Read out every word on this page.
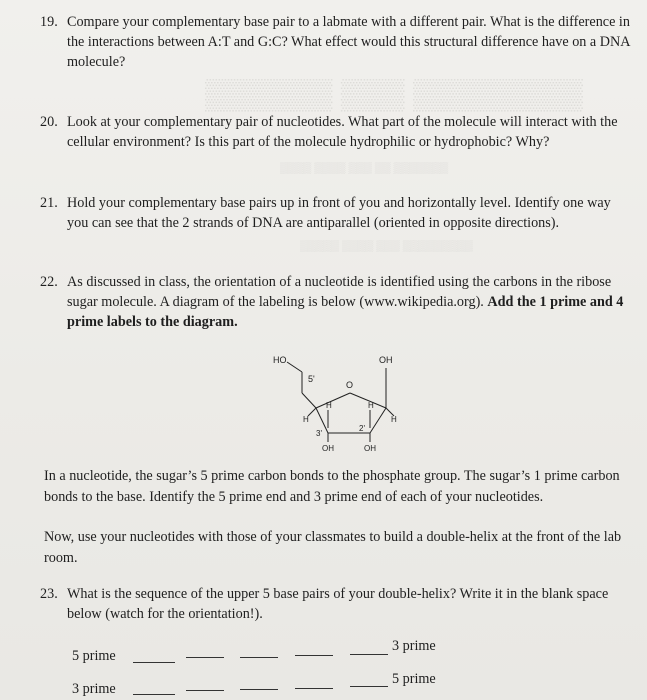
▒▒▒▒▒▒ ▒▒▒ ▒▒▒▒▒▒▒▒
▒▒▒▒ ▒▒▒▒ ▒▒▒ ▒▒ ▒▒▒▒▒▒▒
▒▒▒▒▒ ▒▒▒▒ ▒▒▒ ▒▒▒▒▒▒▒▒▒
19. Compare your complementary base pair to a labmate with a different pair. What is the difference in the interactions between A:T and G:C? What effect would this structural difference have on a DNA molecule?
20. Look at your complementary pair of nucleotides. What part of the molecule will interact with the cellular environment? Is this part of the molecule hydrophilic or hydrophobic? Why?
21. Hold your complementary base pairs up in front of you and horizontally level. Identify one way you can see that the 2 strands of DNA are antiparallel (oriented in opposite directions).
22. As discussed in class, the orientation of a nucleotide is identified using the carbons in the ribose sugar molecule. A diagram of the labeling is below (www.wikipedia.org). Add the 1 prime and 4 prime labels to the diagram.
HO	OH
5'
O
H
H	H
H
3'
2'
OH	OH
In a nucleotide, the sugar’s 5 prime carbon bonds to the phosphate group. The sugar’s 1 prime carbon bonds to the base. Identify the 5 prime end and 3 prime end of each of your nucleotides.
Now, use your nucleotides with those of your classmates to build a double-helix at the front of the lab room.
23. What is the sequence of the upper 5 base pairs of your double-helix? Write it in the blank space below (watch for the orientation!).
5 prime
3 prime
3 prime
5 prime
